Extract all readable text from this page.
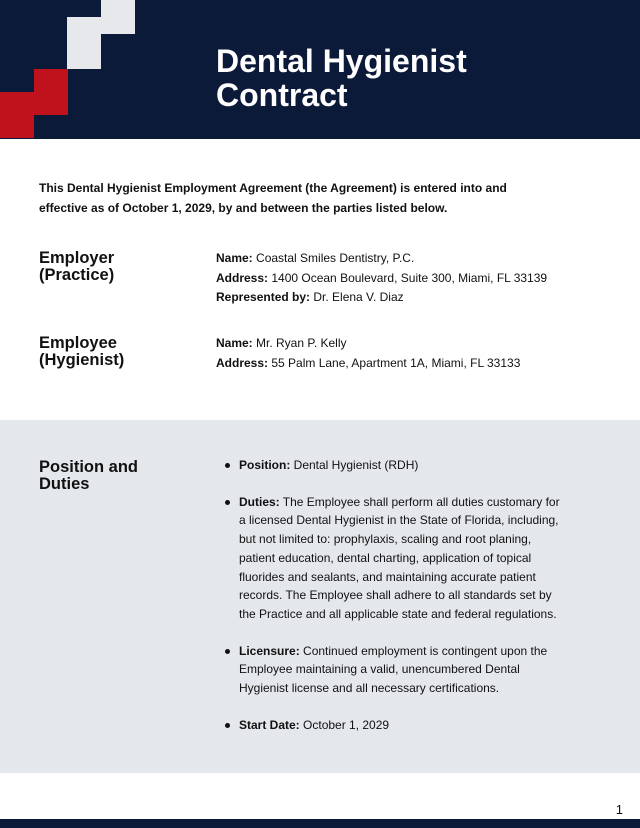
Dental Hygienist
Contract

This Dental Hygienist Employment Agreement (the Agreement) is entered into and
effective as of October 1, 2029, by and between the parties listed below.

Employer
(Practice)
Name: Coastal Smiles Dentistry, P.C.
Address: 1400 Ocean Boulevard, Suite 300, Miami, FL 33139
Represented by: Dr. Elena V. Diaz
Employee
(Hygienist)
Name: Mr. Ryan P. Kelly
Address: 55 Palm Lane, Apartment 1A, Miami, FL 33133
Position and
Duties
Position: Dental Hygienist (RDH)
Duties: The Employee shall perform all duties customary for a licensed Dental Hygienist in the State of Florida, including, but not limited to: prophylaxis, scaling and root planing, patient education, dental charting, application of topical fluorides and sealants, and maintaining accurate patient records. The Employee shall adhere to all standards set by the Practice and all applicable state and federal regulations.
Licensure: Continued employment is contingent upon the Employee maintaining a valid, unencumbered Dental Hygienist license and all necessary certifications.
Start Date: October 1, 2029
1
